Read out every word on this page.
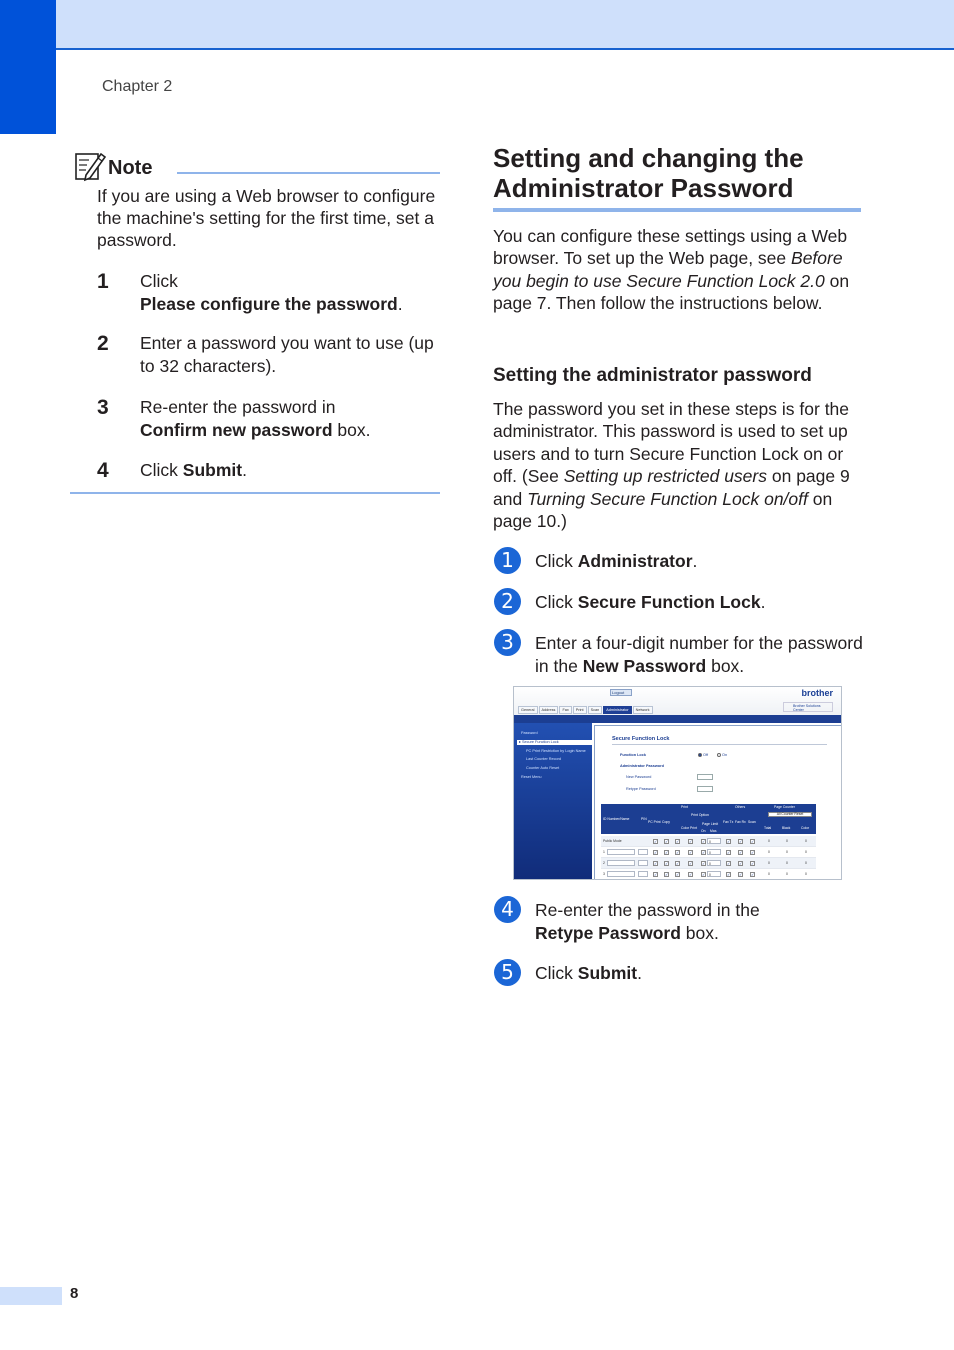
Chapter 2
Note
If you are using a Web browser to configure the machine's setting for the first time, set a password.
1 Click
Please configure the password.
2 Enter a password you want to use (up to 32 characters).
3 Re-enter the password in
Confirm new password box.
4 Click Submit.
Setting and changing the Administrator Password
You can configure these settings using a Web browser. To set up the Web page, see Before you begin to use Secure Function Lock 2.0 on page 7. Then follow the instructions below.
Setting the administrator password
The password you set in these steps is for the administrator. This password is used to set up users and to turn Secure Function Lock on or off. (See Setting up restricted users on page 9 and Turning Secure Function Lock on/off on page 10.)
1	Click Administrator.
2	Click Secure Function Lock.
3	Enter a four-digit number for the password in the New Password box.
Logout	brother
Brother Solutions Center
General Address Fax Print Scan Administrator Network
Password
▸ Secure Function Lock
PC Print Restriction by Login Name
Last Counter Record
Counter Auto Reset
Reset Menu
Secure Function Lock
Function Lock	Off	On
Administrator Password
New Password
Retype Password
ID Number/Name	PIN
Print
Print Option
PC Print
Color Print
Page Limit
On Max.
Others
Fax Tx Fax Rx Scan
Copy
Page Counter
All Counter Reset
Total	Black	Color
Public Mode	✓ ✓ ✓ ✓ ✓ 0	✓ ✓ ✓	0	0	0
1	✓ ✓ ✓ ✓ ✓ 0	✓ ✓ ✓	0	0	0
2	✓ ✓ ✓ ✓ ✓ 0	✓ ✓ ✓	0	0	0
3	✓ ✓ ✓ ✓ ✓ 0	✓ ✓ ✓	0	0	0
4	Re-enter the password in the
Retype Password box.
5	Click Submit.
8
